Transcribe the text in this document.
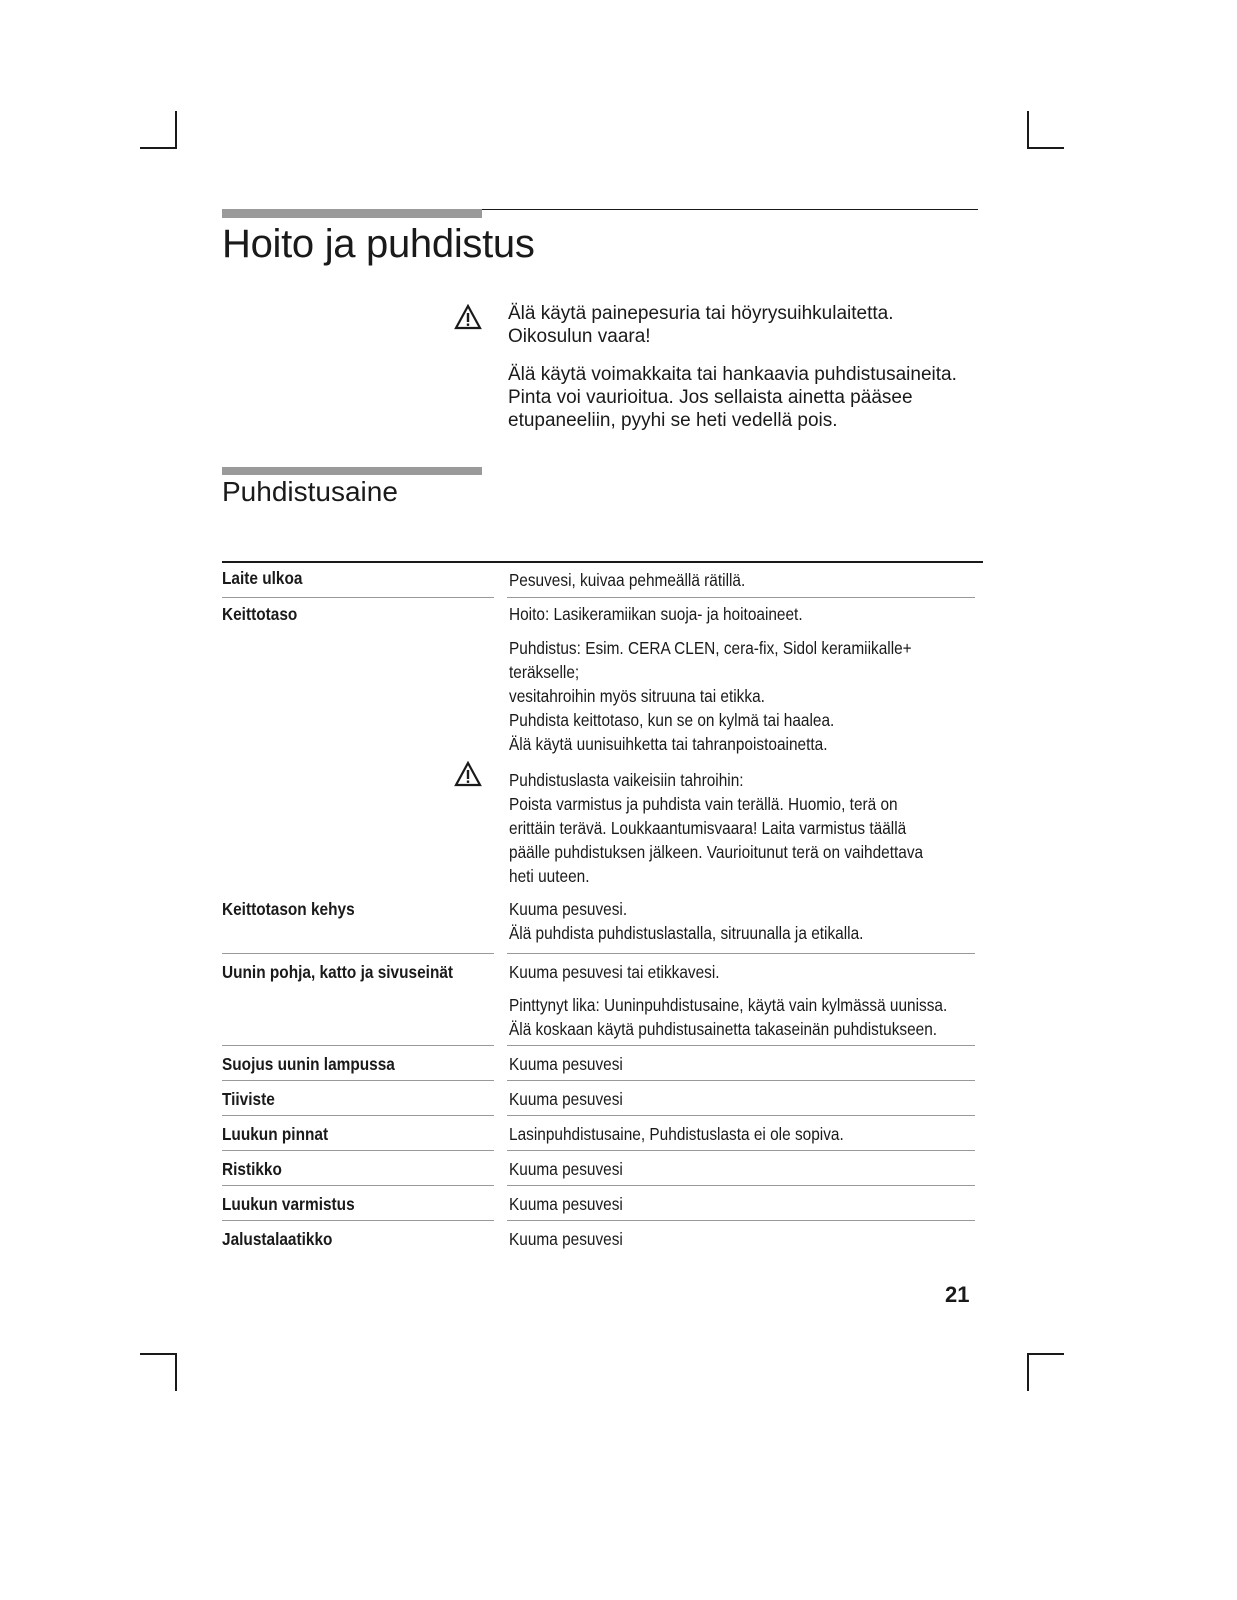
Hoito ja puhdistus

Älä käytä painepesuria tai höyrysuihkulaitetta.
Oikosulun vaara!

Älä käytä voimakkaita tai hankaavia puhdistusaineita.
Pinta voi vaurioitua. Jos sellaista ainetta pääsee
etupaneeliin, pyyhi se heti vedellä pois.

Puhdistusaine
Laite ulkoa	Pesuvesi, kuivaa pehmeällä rätillä.

Keittotaso	Hoito: Lasikeramiikan suoja- ja hoitoaineet.

Puhdistus: Esim. CERA CLEN, cera-fix, Sidol keramiikalle+
teräkselle;
vesitahroihin myös sitruuna tai etikka.
Puhdista keittotaso, kun se on kylmä tai haalea.
Älä käytä uunisuihketta tai tahranpoistoainetta.

Puhdistuslasta vaikeisiin tahroihin:
Poista varmistus ja puhdista vain terällä. Huomio, terä on
erittäin terävä. Loukkaantumisvaara! Laita varmistus täällä
päälle puhdistuksen jälkeen. Vaurioitunut terä on vaihdettava
heti uuteen.

Keittotason kehys	Kuuma pesuvesi.
Älä puhdista puhdistuslastalla, sitruunalla ja etikalla.

Uunin pohja, katto ja sivuseinät	Kuuma pesuvesi tai etikkavesi.

Pinttynyt lika: Uuninpuhdistusaine, käytä vain kylmässä uunissa.
Älä koskaan käytä puhdistusainetta takaseinän puhdistukseen.

Suojus uunin lampussa	Kuuma pesuvesi

Tiiviste	Kuuma pesuvesi

Luukun pinnat	Lasinpuhdistusaine, Puhdistuslasta ei ole sopiva.

Ristikko	Kuuma pesuvesi

Luukun varmistus	Kuuma pesuvesi

Jalustalaatikko	Kuuma pesuvesi

21
